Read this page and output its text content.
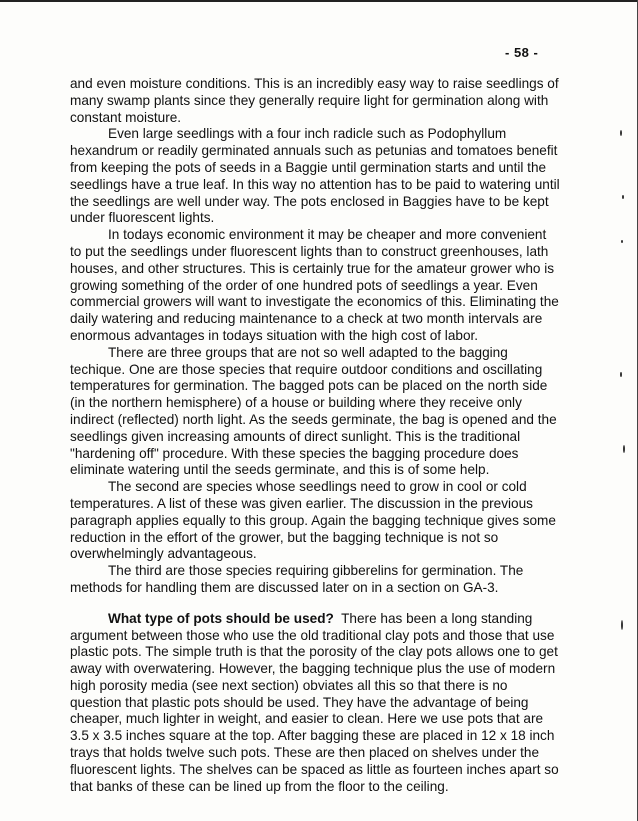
- 58 -

and even moisture conditions. This is an incredibly easy way to raise seedlings of many swamp plants since they generally require light for germination along with constant moisture.

Even large seedlings with a four inch radicle such as Podophyllum hexandrum or readily germinated annuals such as petunias and tomatoes benefit from keeping the pots of seeds in a Baggie until germination starts and until the seedlings have a true leaf. In this way no attention has to be paid to watering until the seedlings are well under way. The pots enclosed in Baggies have to be kept under fluorescent lights.

In todays economic environment it may be cheaper and more convenient to put the seedlings under fluorescent lights than to construct greenhouses, lath houses, and other structures. This is certainly true for the amateur grower who is growing something of the order of one hundred pots of seedlings a year. Even commercial growers will want to investigate the economics of this. Eliminating the daily watering and reducing maintenance to a check at two month intervals are enormous advantages in todays situation with the high cost of labor.

There are three groups that are not so well adapted to the bagging techique. One are those species that require outdoor conditions and oscillating temperatures for germination. The bagged pots can be placed on the north side (in the northern hemisphere) of a house or building where they receive only indirect (reflected) north light. As the seeds germinate, the bag is opened and the seedlings given increasing amounts of direct sunlight. This is the traditional "hardening off" procedure. With these species the bagging procedure does eliminate watering until the seeds germinate, and this is of some help.

The second are species whose seedlings need to grow in cool or cold temperatures. A list of these was given earlier. The discussion in the previous paragraph applies equally to this group. Again the bagging technique gives some reduction in the effort of the grower, but the bagging technique is not so overwhelmingly advantageous.

The third are those species requiring gibberelins for germination. The methods for handling them are discussed later on in a section on GA-3.

What type of pots should be used? There has been a long standing argument between those who use the old traditional clay pots and those that use plastic pots. The simple truth is that the porosity of the clay pots allows one to get away with overwatering. However, the bagging technique plus the use of modern high porosity media (see next section) obviates all this so that there is no question that plastic pots should be used. They have the advantage of being cheaper, much lighter in weight, and easier to clean. Here we use pots that are 3.5 x 3.5 inches square at the top. After bagging these are placed in 12 x 18 inch trays that holds twelve such pots. These are then placed on shelves under the fluorescent lights. The shelves can be spaced as little as fourteen inches apart so that banks of these can be lined up from the floor to the ceiling.
